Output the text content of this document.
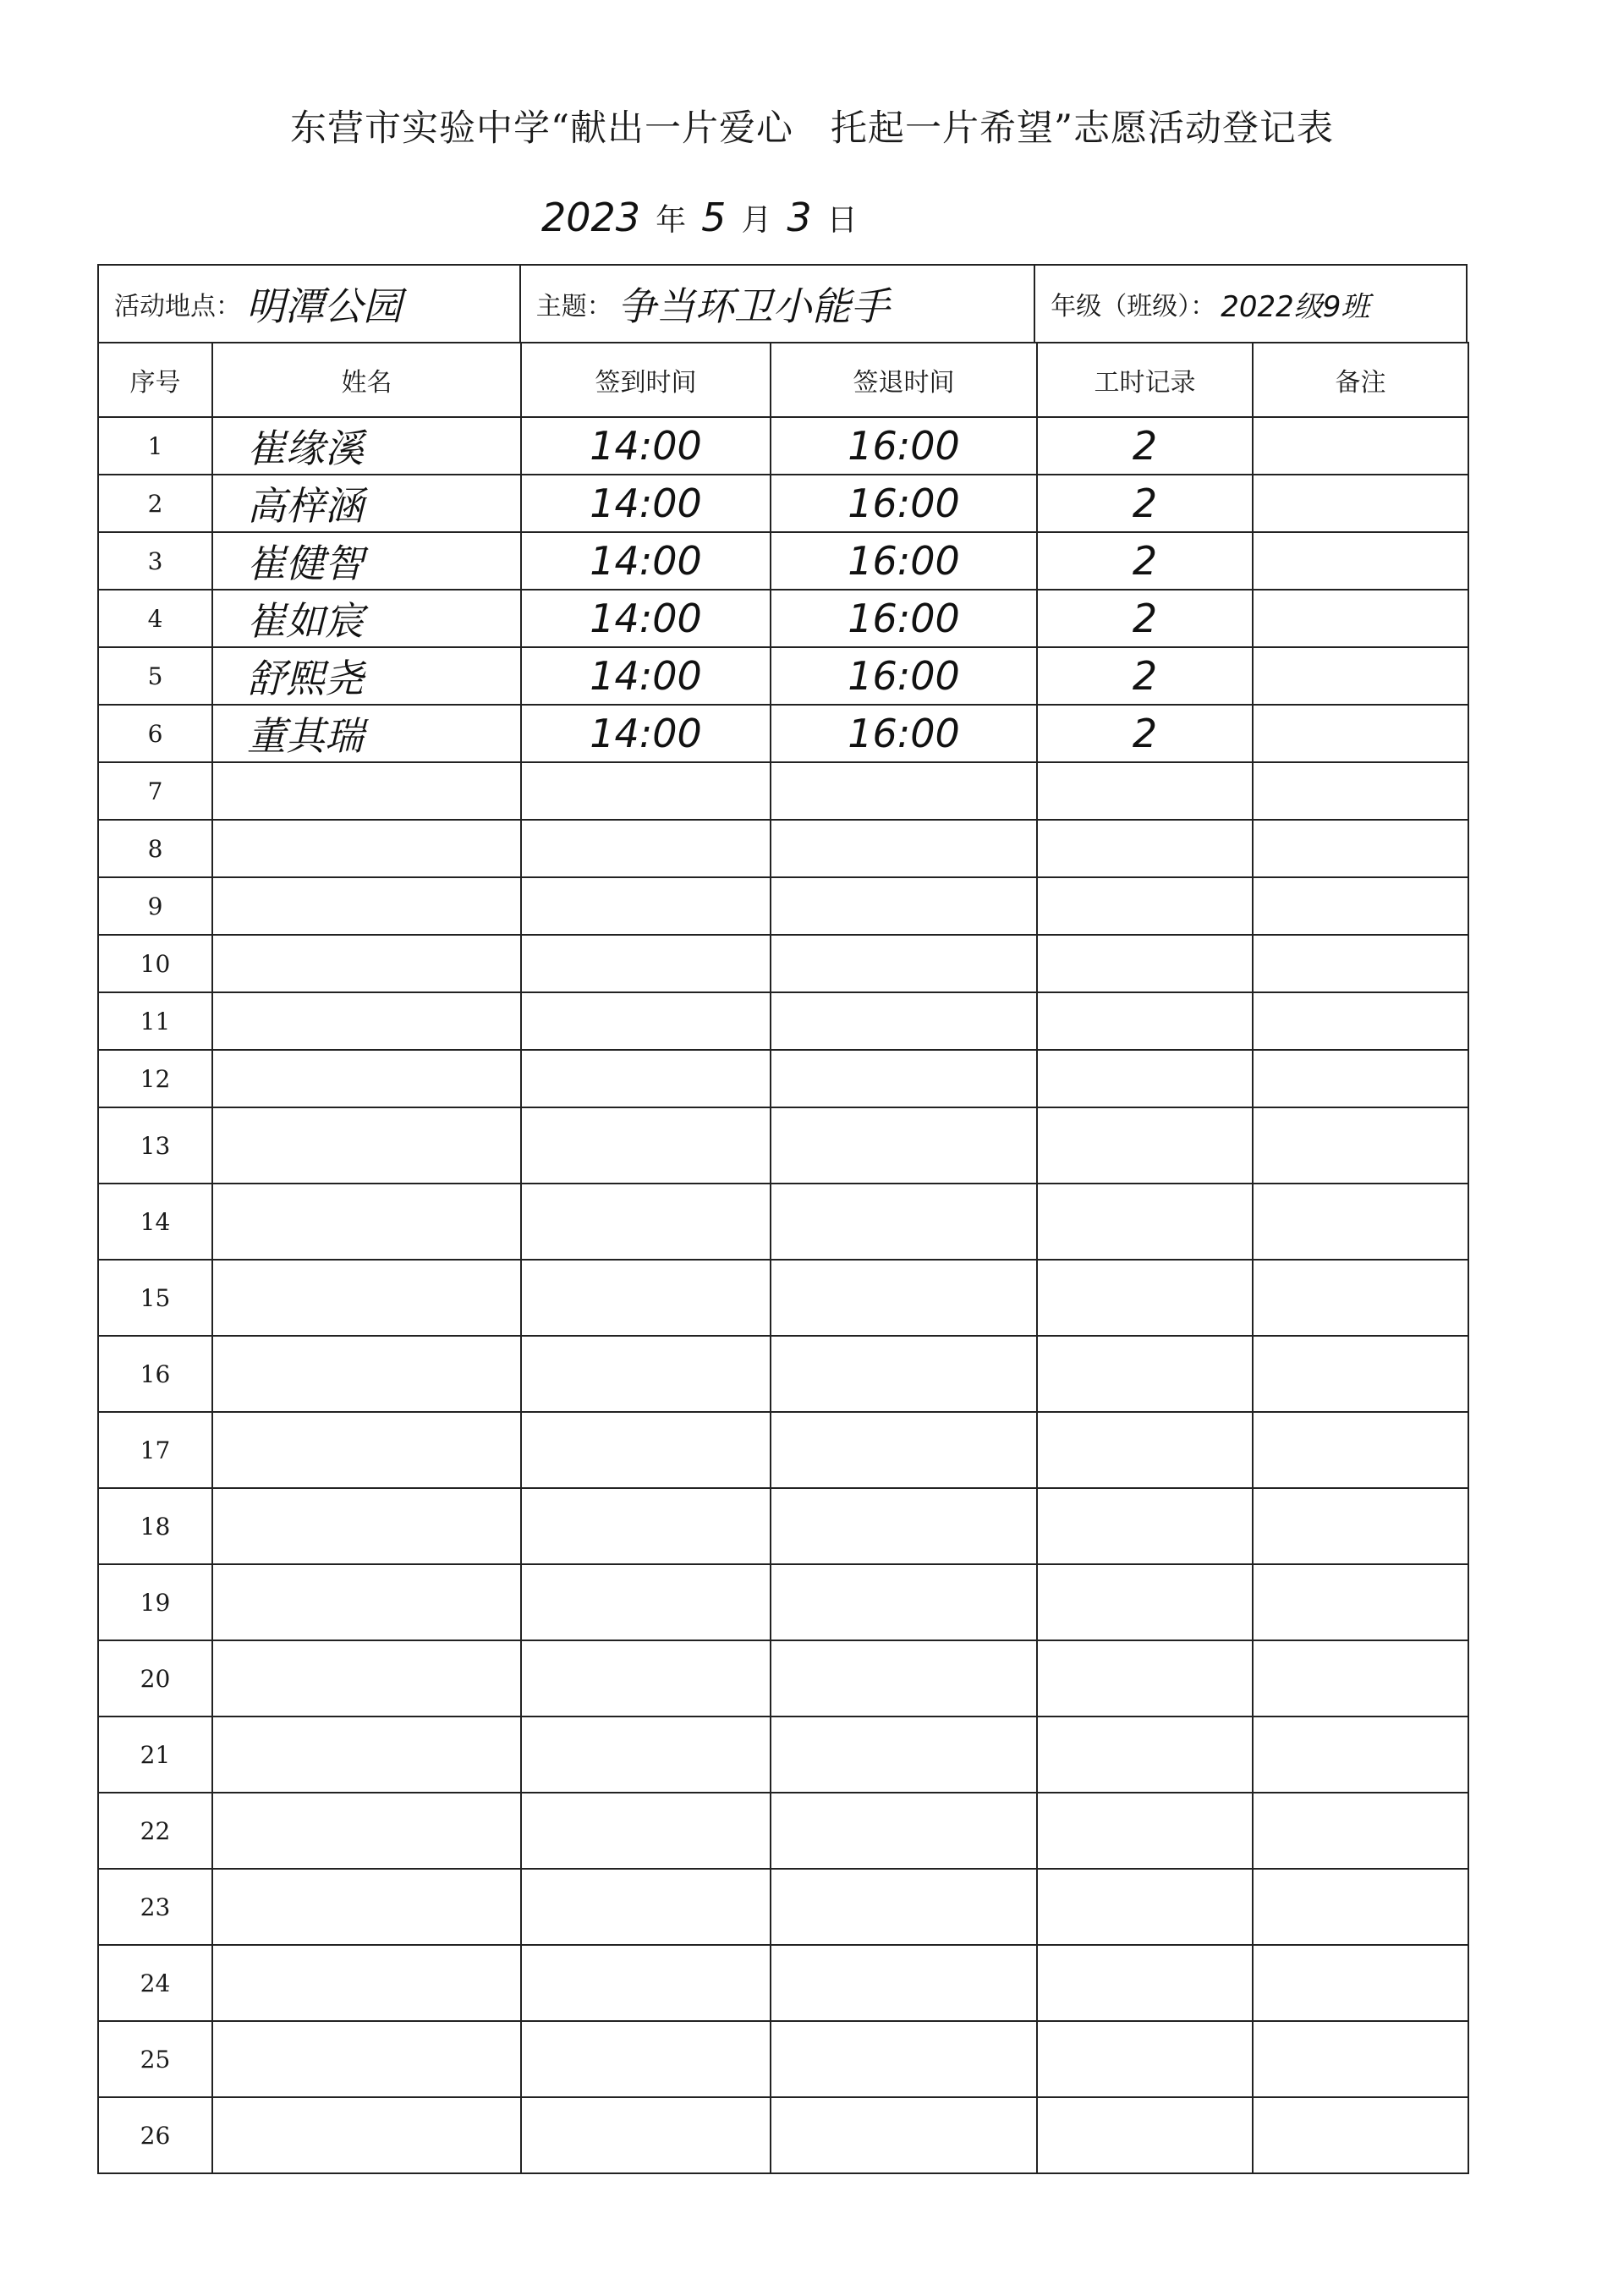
东营市实验中学“献出一片爱心　托起一片希望”志愿活动登记表
2023 年 5 月 3 日
活动地点： 明潭公园	主题： 争当环卫小能手	年级（班级）： 2022级9班
序号	姓名	签到时间	签退时间	工时记录	备注
1	崔缘溪	14:00	16:00	2	
2	高梓涵	14:00	16:00	2	
3	崔健智	14:00	16:00	2	
4	崔如宸	14:00	16:00	2	
5	舒熙尧	14:00	16:00	2	
6	董其瑞	14:00	16:00	2	
7					
8					
9					
10					
11					
12					
13					
14					
15					
16					
17					
18					
19					
20					
21					
22					
23					
24					
25					
26					
